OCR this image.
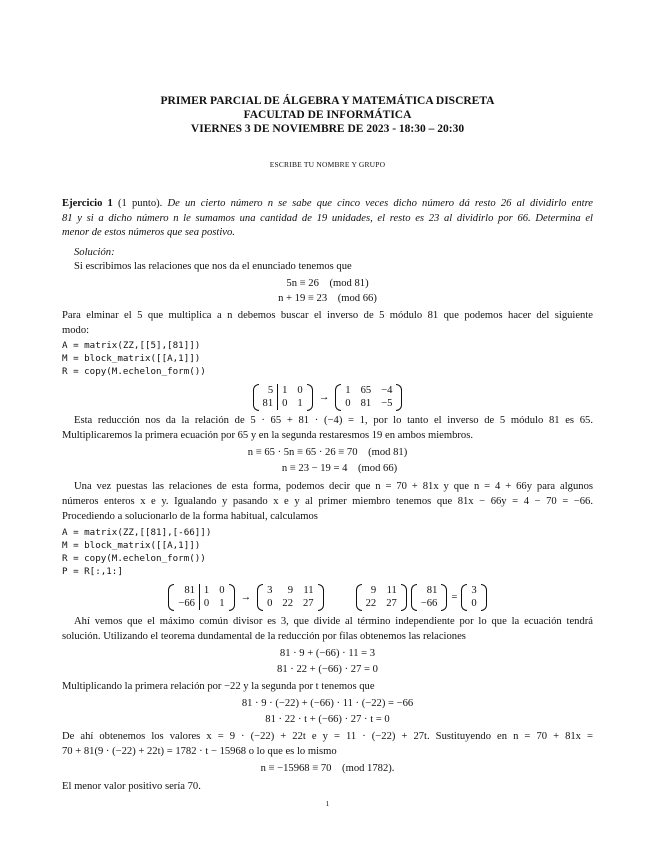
PRIMER PARCIAL DE ÁLGEBRA Y MATEMÁTICA DISCRETA
FACULTAD DE INFORMÁTICA
VIERNES 3 DE NOVIEMBRE DE 2023 - 18:30 – 20:30
ESCRIBE TU NOMBRE Y GRUPO
Ejercicio 1 (1 punto). De un cierto número n se sabe que cinco veces dicho número dá resto 26 al dividirlo entre
81 y si a dicho número n le sumamos una cantidad de 19 unidades, el resto es 23 al dividirlo por 66. Determina el
menor de estos números que sea postivo.
Solución:
Si escribimos las relaciones que nos da el enunciado tenemos que
5n ≡ 26    (mod 81)
n + 19 ≡ 23    (mod 66)
Para elminar el 5 que multiplica a n debemos buscar el inverso de 5 módulo 81 que podemos hacer del siguiente
modo:
A = matrix(ZZ,[[5],[81]])
M = block_matrix([[A,1]])
R = copy(M.echelon_form())
5
81
1
0
0
1
→
1
0
65
81
−4
−5
Esta reducción nos da la relación de 5 · 65 + 81 · (−4) = 1, por lo tanto el inverso de 5 módulo 81 es 65.
Multiplicaremos la primera ecuación por 65 y en la segunda restaresmos 19 en ambos miembros.
n ≡ 65 · 5n ≡ 65 · 26 ≡ 70    (mod 81)
n ≡ 23 − 19 = 4    (mod 66)
Una vez puestas las relaciones de esta forma, podemos decir que n = 70 + 81x y que n = 4 + 66y para algunos
números enteros x e y. Igualando y pasando x e y al primer miembro tenemos que 81x − 66y = 4 − 70 = −66.
Procediendo a solucionarlo de la forma habitual, calculamos
A = matrix(ZZ,[[81],[-66]])
M = block_matrix([[A,1]])
R = copy(M.echelon_form())
P = R[:,1:]
81
−66
1
0
0
1
→
3
0
9
22
11
27
9
22
11
27
81
−66
=
3
0
Ahí vemos que el máximo común divisor es 3, que divide al término independiente por lo que la ecuación tendrá
solución. Utilizando el teorema dundamental de la reducción por filas obtenemos las relaciones
81 · 9 + (−66) · 11 = 3
81 · 22 + (−66) · 27 = 0
Multiplicando la primera relación por −22 y la segunda por t tenemos que
81 · 9 · (−22) + (−66) · 11 · (−22) = −66
81 · 22 · t + (−66) · 27 · t = 0
De ahí obtenemos los valores x = 9 · (−22) + 22t e y = 11 · (−22) + 27t. Sustituyendo en n = 70 + 81x =
70 + 81(9 · (−22) + 22t) = 1782 · t − 15968 o lo que es lo mismo
n ≡ −15968 ≡ 70    (mod 1782).
El menor valor positivo sería 70.
1
